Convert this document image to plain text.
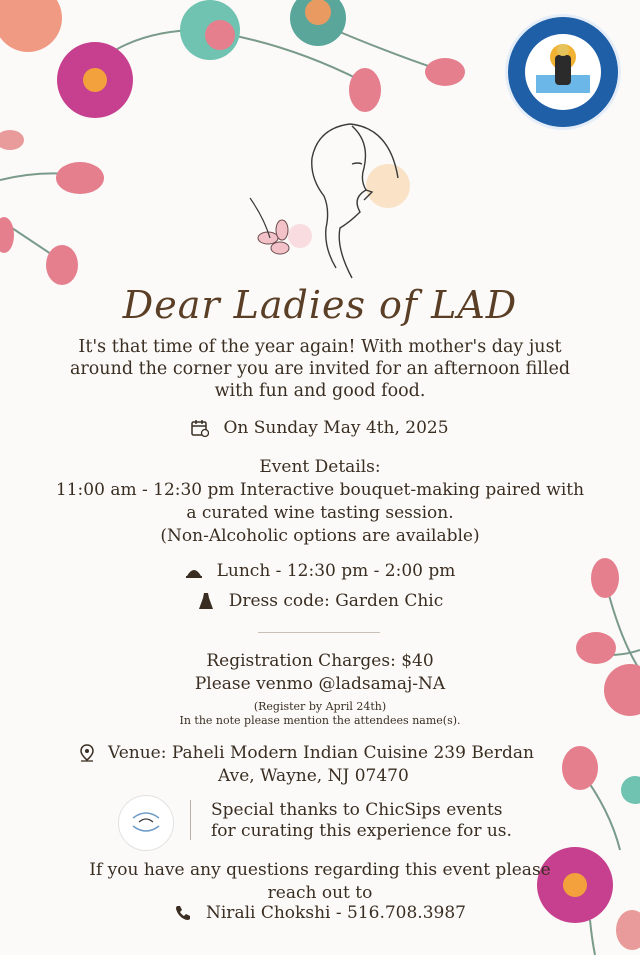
Dear Ladies of LAD
It's that time of the year again! With mother's day just around the corner you are invited for an afternoon filled with fun and good food.
On Sunday May 4th, 2025
Event Details:
11:00 am - 12:30 pm Interactive bouquet-making paired with
a curated wine tasting session.
(Non-Alcoholic options are available)
Lunch - 12:30 pm - 2:00 pm
Dress code: Garden Chic
Registration Charges: $40
Please venmo @ladsamaj-NA
(Register by April 24th)
In the note please mention the attendees name(s).
Venue: Paheli Modern Indian Cuisine 239 Berdan
Ave, Wayne, NJ 07470
Special thanks to ChicSips events
for curating this experience for us.
If you have any questions regarding this event please
reach out to
Nirali Chokshi - 516.708.3987
